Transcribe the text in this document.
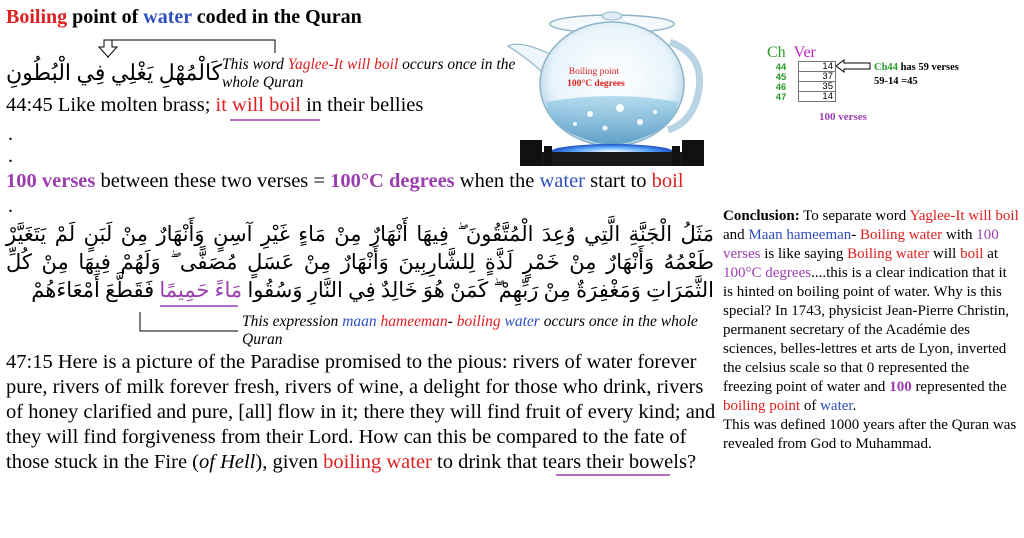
Boiling point of water coded in the Quran
كَالْمُهْلِ يَغْلِي فِي الْبُطُونِ This word Yaglee-It will boil occurs once in the whole Quran
44:45 Like molten brass; it will boil in their bellies
.
.
100 verses between these two verses = 100°C degrees when the water start to boil
.
Boiling point
100°C degrees
Ch Ver
44	14
45	37
46	35
47	14
Ch44 has 59 verses
59-14 =45
100 verses
مَثَلُ الْجَنَّةِ الَّتِي وُعِدَ الْمُتَّقُونَ ۖ فِيهَا أَنْهَارٌ مِنْ مَاءٍ غَيْرِ آسِنٍ وَأَنْهَارٌ مِنْ لَبَنٍ لَمْ يَتَغَيَّرْ طَعْمُهُ وَأَنْهَارٌ مِنْ خَمْرٍ لَذَّةٍ لِلشَّارِبِينَ وَأَنْهَارٌ مِنْ عَسَلٍ مُصَفًّى ۖ وَلَهُمْ فِيهَا مِنْ كُلِّ الثَّمَرَاتِ وَمَغْفِرَةٌ مِنْ رَبِّهِمْ ۖ كَمَنْ هُوَ خَالِدٌ فِي النَّارِ وَسُقُوا مَاءً حَمِيمًا فَقَطَّعَ أَمْعَاءَهُمْ
This expression maan hameeman- boiling water occurs once in the whole Quran
47:15 Here is a picture of the Paradise promised to the pious: rivers of water forever pure, rivers of milk forever fresh, rivers of wine, a delight for those who drink, rivers of honey clarified and pure, [all] flow in it; there they will find fruit of every kind; and they will find forgiveness from their Lord. How can this be compared to the fate of those stuck in the Fire (of Hell), given boiling water to drink that tears their bowels?
Conclusion: To separate word Yaglee-It will boil and Maan hameeman- Boiling water with 100 verses is like saying Boiling water will boil at 100°C degrees....this is a clear indication that it is hinted on boiling point of water. Why is this special? In 1743, physicist Jean-Pierre Christin, permanent secretary of the Académie des sciences, belles-lettres et arts de Lyon, inverted the celsius scale so that 0 represented the freezing point of water and 100 represented the boiling point of water.
This was defined 1000 years after the Quran was revealed from God to Muhammad.
